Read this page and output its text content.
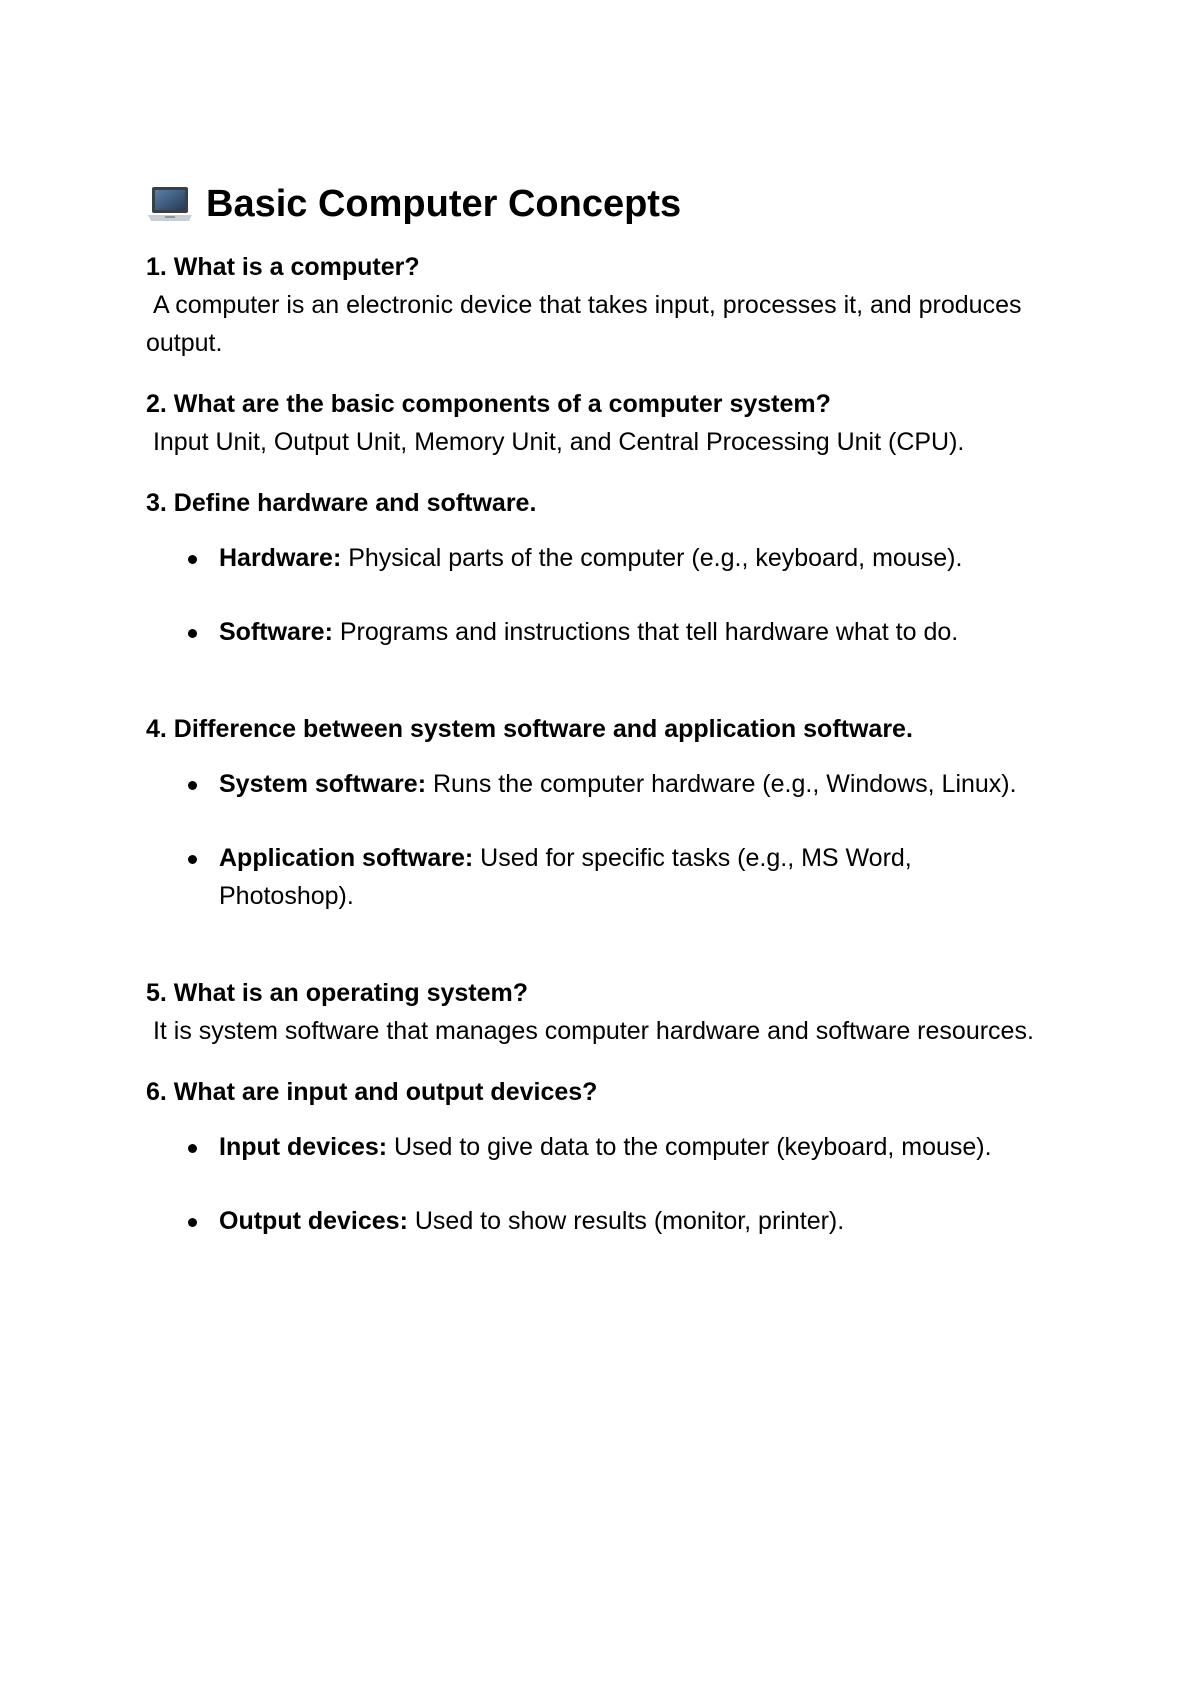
Basic Computer Concepts

1. What is a computer?

A computer is an electronic device that takes input, processes it, and produces output.

2. What are the basic components of a computer system?

Input Unit, Output Unit, Memory Unit, and Central Processing Unit (CPU).

3. Define hardware and software.

Hardware: Physical parts of the computer (e.g., keyboard, mouse).
Software: Programs and instructions that tell hardware what to do.

4. Difference between system software and application software.

System software: Runs the computer hardware (e.g., Windows, Linux).
Application software: Used for specific tasks (e.g., MS Word, Photoshop).

5. What is an operating system?

It is system software that manages computer hardware and software resources.

6. What are input and output devices?

Input devices: Used to give data to the computer (keyboard, mouse).
Output devices: Used to show results (monitor, printer).
